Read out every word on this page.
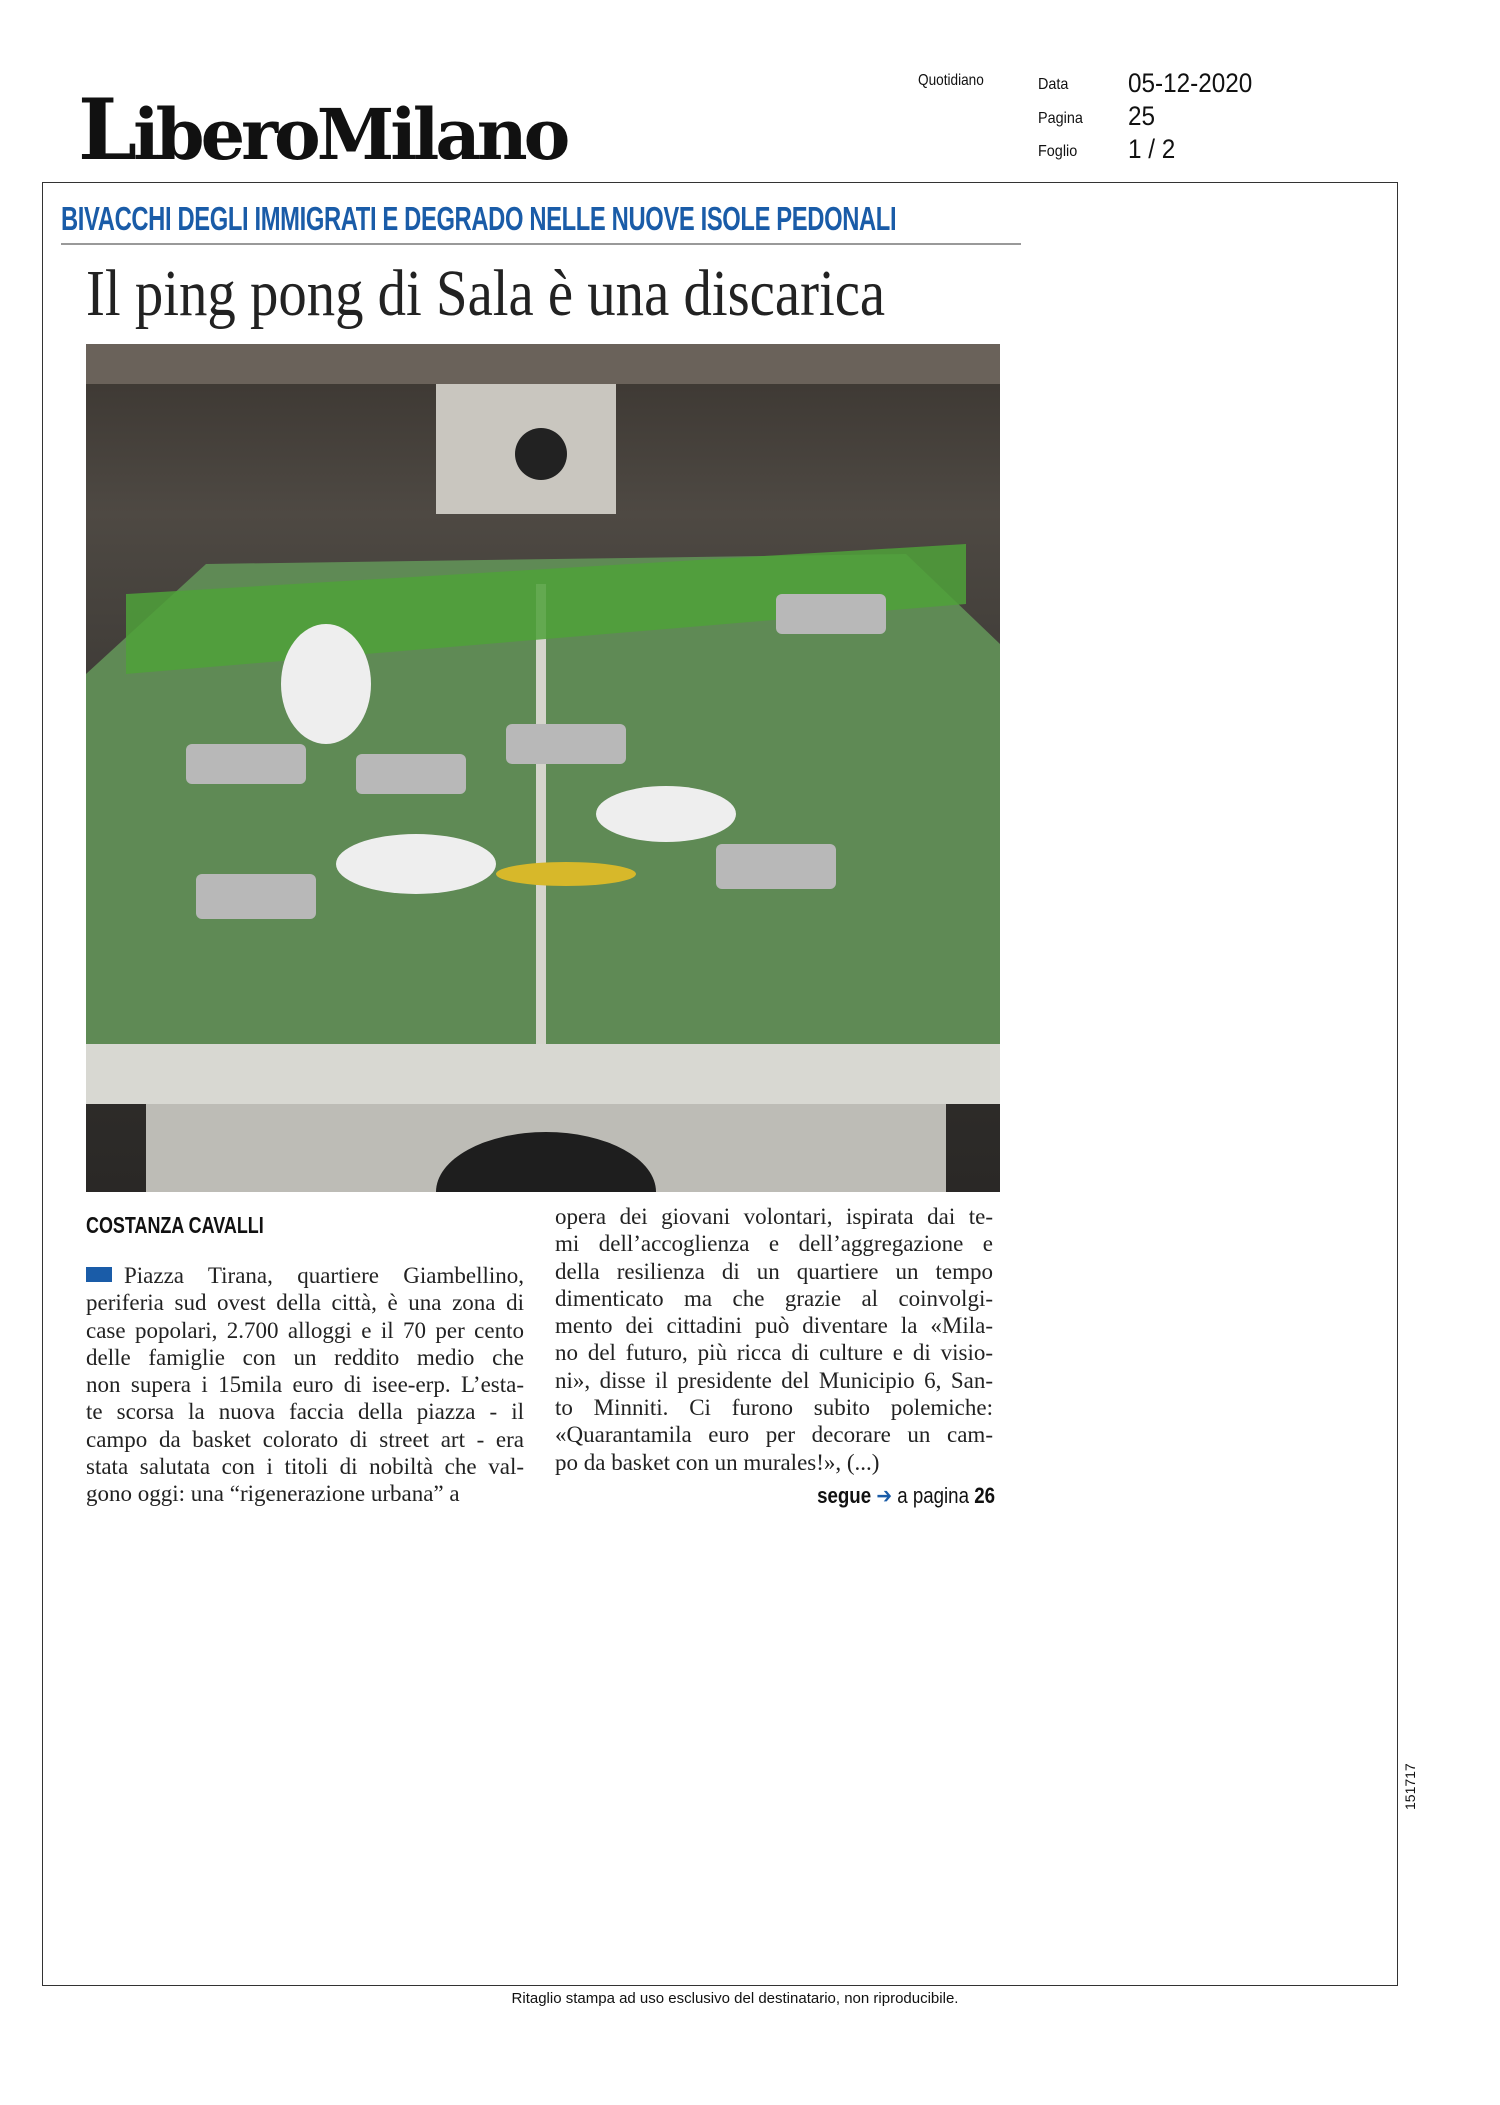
LiberoMilano
Quotidiano	Data 05-12-2020
Pagina 25
Foglio 1 / 2
BIVACCHI DEGLI IMMIGRATI E DEGRADO NELLE NUOVE ISOLE PEDONALI
Il ping pong di Sala è una discarica
COSTANZA CAVALLI
Piazza Tirana, quartiere Giambellino,
periferia sud ovest della città, è una zona di
case popolari, 2.700 alloggi e il 70 per cento
delle famiglie con un reddito medio che
non supera i 15mila euro di isee-erp. L’esta-
te scorsa la nuova faccia della piazza - il
campo da basket colorato di street art - era
stata salutata con i titoli di nobiltà che val-
gono oggi: una “rigenerazione urbana” a
opera dei giovani volontari, ispirata dai te-
mi dell’accoglienza e dell’aggregazione e
della resilienza di un quartiere un tempo
dimenticato ma che grazie al coinvolgi-
mento dei cittadini può diventare la «Mila-
no del futuro, più ricca di culture e di visio-
ni», disse il presidente del Municipio 6, San-
to Minniti. Ci furono subito polemiche:
«Quarantamila euro per decorare un cam-
po da basket con un murales!», (...)
segue ➔ a pagina 26
151717
Ritaglio stampa ad uso esclusivo del destinatario, non riproducibile.
